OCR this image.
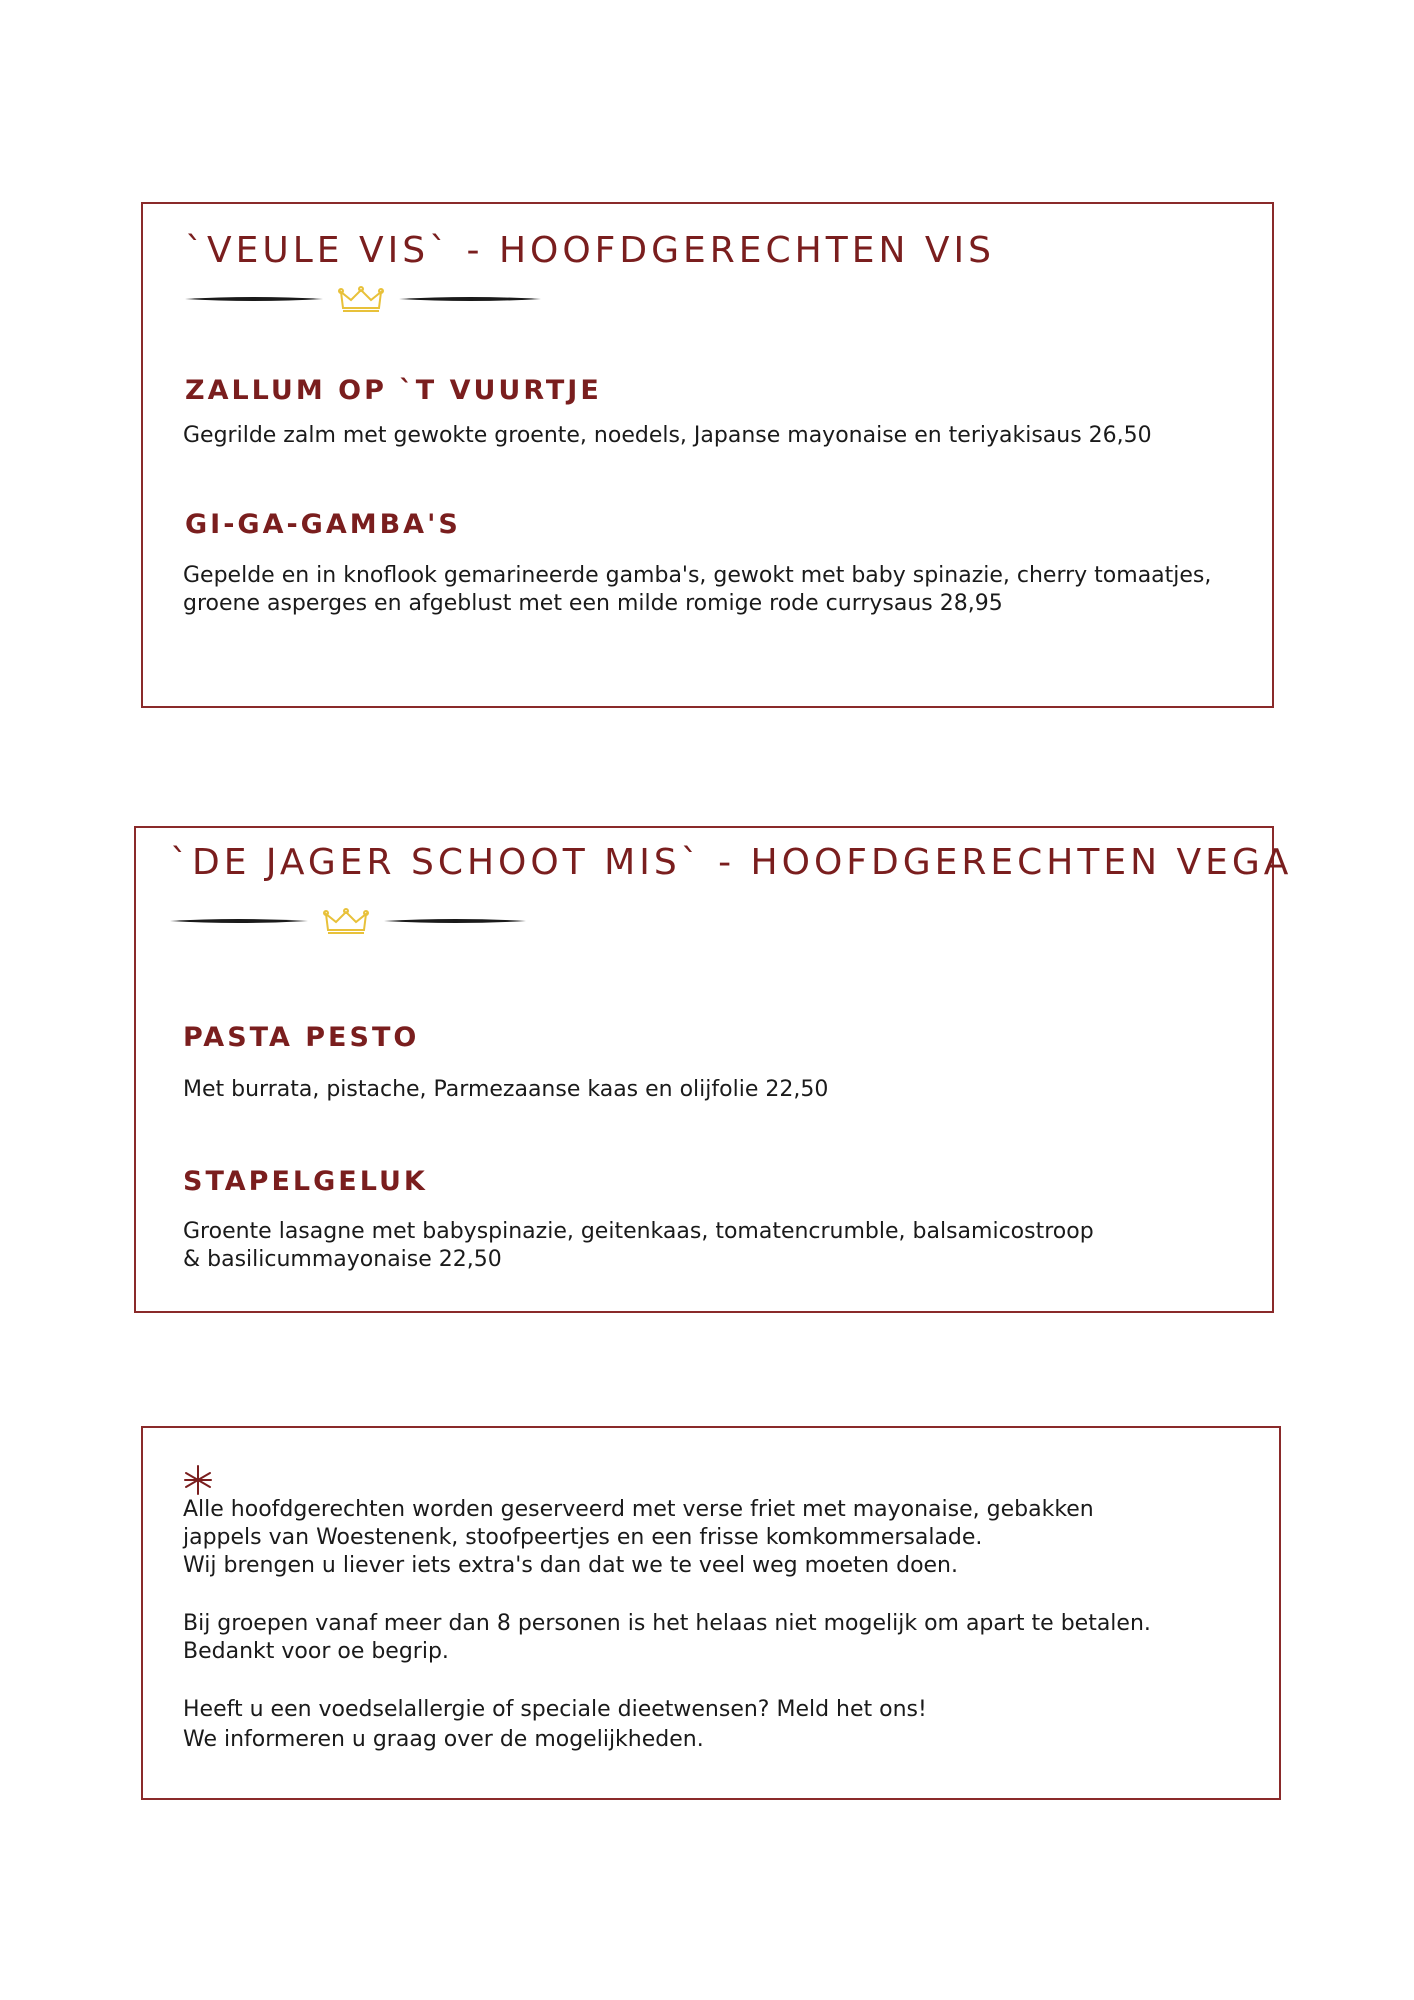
`VEULE VIS` - HOOFDGERECHTEN VIS
ZALLUM OP `T VUURTJE

Gegrilde zalm met gewokte groente, noedels, Japanse mayonaise en teriyakisaus 26,50

GI-GA-GAMBA'S

Gepelde en in knoflook gemarineerde gamba's, gewokt met baby spinazie, cherry tomaatjes,

groene asperges en afgeblust met een milde romige rode currysaus 28,95

`DE JAGER SCHOOT MIS` - HOOFDGERECHTEN VEGA
PASTA PESTO

Met burrata, pistache, Parmezaanse kaas en olijfolie 22,50

STAPELGELUK

Groente lasagne met babyspinazie, geitenkaas, tomatencrumble, balsamicostroop

& basilicummayonaise 22,50

Alle hoofdgerechten worden geserveerd met verse friet met mayonaise, gebakken

jappels van Woestenenk, stoofpeertjes en een frisse komkommersalade.

Wij brengen u liever iets extra's dan dat we te veel weg moeten doen.

Bij groepen vanaf meer dan 8 personen is het helaas niet mogelijk om apart te betalen.

Bedankt voor oe begrip.

Heeft u een voedselallergie of speciale dieetwensen? Meld het ons!

We informeren u graag over de mogelijkheden.
